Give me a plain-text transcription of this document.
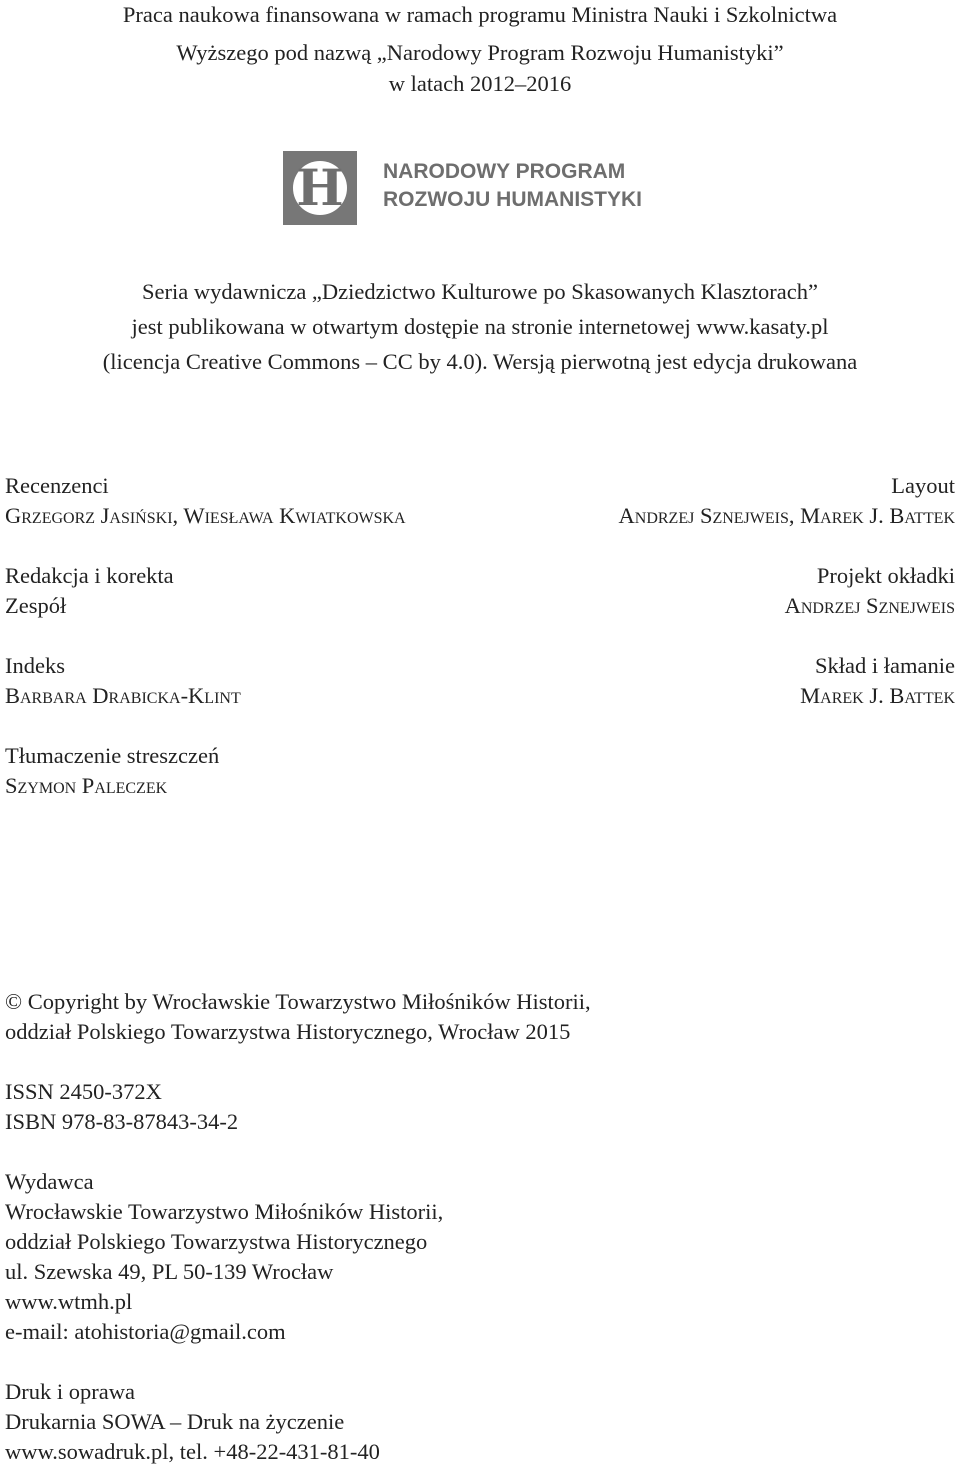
Praca naukowa finansowana w ramach programu Ministra Nauki i Szkolnictwa
Wyższego pod nazwą „Narodowy Program Rozwoju Humanistyki”
w latach 2012–2016
H NARODOWY PROGRAM
ROZWOJU HUMANISTYKI
Seria wydawnicza „Dziedzictwo Kulturowe po Skasowanych Klasztorach”
jest publikowana w otwartym dostępie na stronie internetowej www.kasaty.pl
(licencja Creative Commons – CC by 4.0). Wersją pierwotną jest edycja drukowana
Recenzenci
Grzegorz Jasiński, Wiesława Kwiatkowska
Redakcja i korekta
Zespół
Indeks
Barbara Drabicka-Klint
Tłumaczenie streszczeń
Szymon Paleczek
Layout
Andrzej Sznejweis, Marek J. Battek
Projekt okładki
Andrzej Sznejweis
Skład i łamanie
Marek J. Battek
© Copyright by Wrocławskie Towarzystwo Miłośników Historii,
oddział Polskiego Towarzystwa Historycznego, Wrocław 2015
ISSN 2450-372X
ISBN 978-83-87843-34-2
Wydawca
Wrocławskie Towarzystwo Miłośników Historii,
oddział Polskiego Towarzystwa Historycznego
ul. Szewska 49, PL 50-139 Wrocław
www.wtmh.pl
e-mail: atohistoria@gmail.com
Druk i oprawa
Drukarnia SOWA – Druk na życzenie
www.sowadruk.pl, tel. +48-22-431-81-40
